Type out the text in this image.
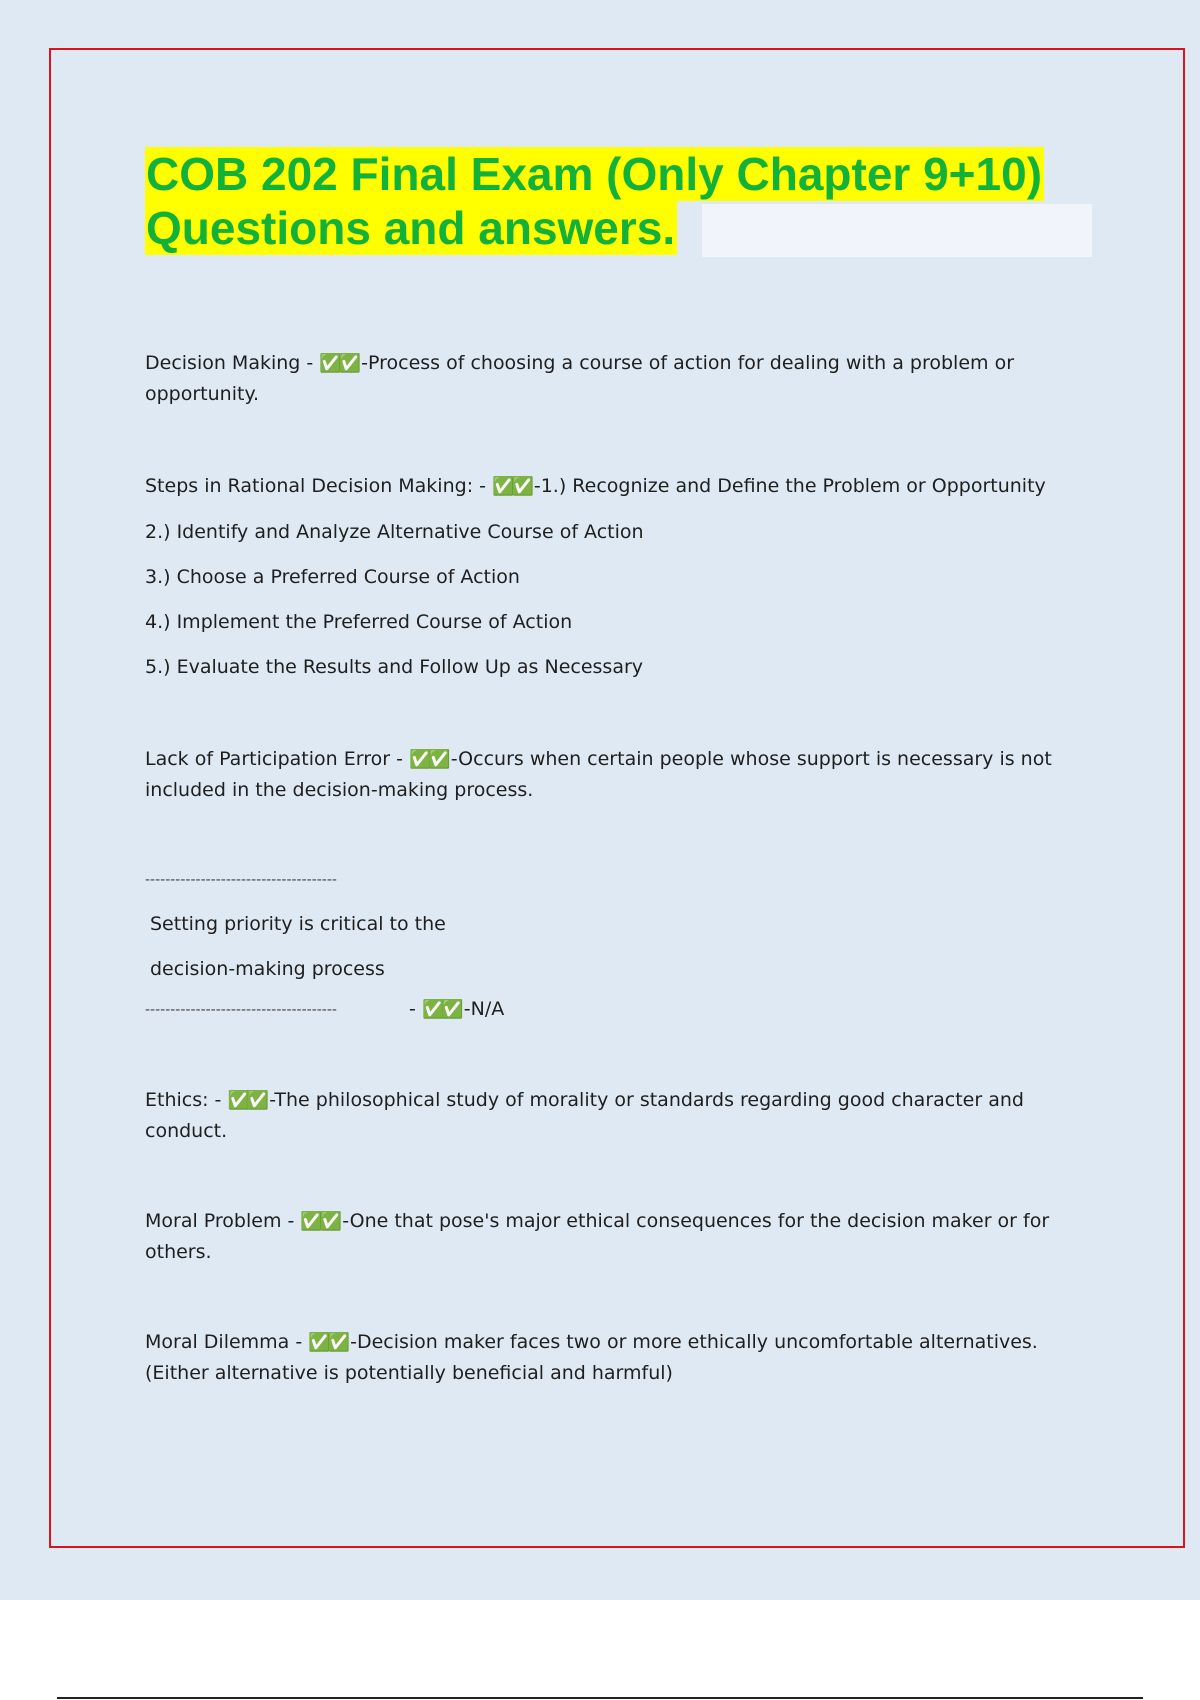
COB 202 Final Exam (Only Chapter 9+10)
Questions and answers.

Decision Making - ✅✅ -Process of choosing a course of action for dealing with a problem or opportunity.

Steps in Rational Decision Making: - ✅✅ -1.) Recognize and Define the Problem or Opportunity

2.) Identify and Analyze Alternative Course of Action

3.) Choose a Preferred Course of Action

4.) Implement the Preferred Course of Action

5.) Evaluate the Results and Follow Up as Necessary

Lack of Participation Error - ✅✅ -Occurs when certain people whose support is necessary is not included in the decision-making process.

--------------------------------------

Setting priority is critical to the

decision-making process

--------------------------------------	- ✅✅ -N/A

Ethics: - ✅✅ -The philosophical study of morality or standards regarding good character and conduct.

Moral Problem - ✅✅ -One that pose's major ethical consequences for the decision maker or for others.

Moral Dilemma - ✅✅ -Decision maker faces two or more ethically uncomfortable alternatives. (Either alternative is potentially beneficial and harmful)
